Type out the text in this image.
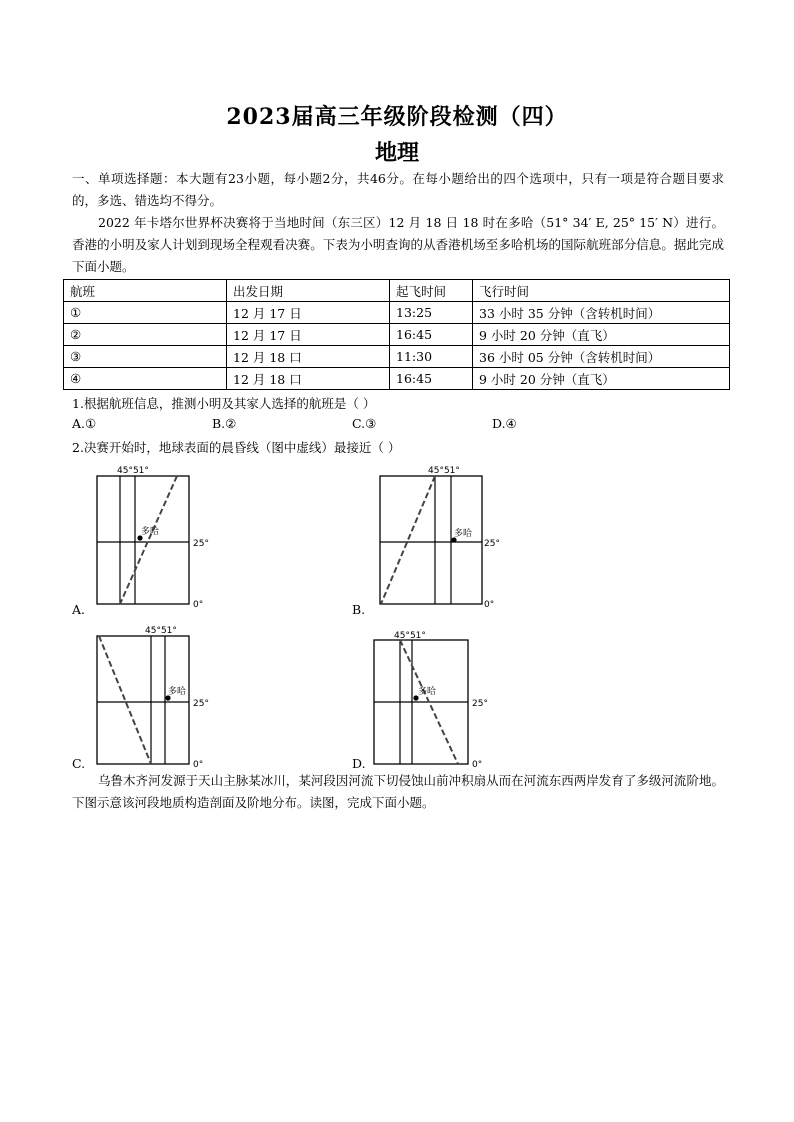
2023届高三年级阶段检测（四）
地理
一、单项选择题：本大题有23小题，每小题2分，共46分。在每小题给出的四个选项中，只有一项是符合题目要求的，多选、错选均不得分。
2022 年卡塔尔世界杯决赛将于当地时间（东三区）12 月 18 日 18 时在多哈（51° 34′ E, 25° 15′ N）进行。香港的小明及家人计划到现场全程观看决赛。下表为小明查询的从香港机场至多哈机场的国际航班部分信息。据此完成下面小题。
航班	出发日期	起飞时间	飞行时间
①	12 月 17 日	13:25	33 小时 35 分钟（含转机时间）
②	12 月 17 日	16:45	9 小时 20 分钟（直飞）
③	12 月 18 口	11:30	36 小时 05 分钟（含转机时间）
④	12 月 18 口	16:45	9 小时 20 分钟（直飞）
1.根据航班信息，推测小明及其家人选择的航班是（ ）
A.①	B.②	C.③	D.④
2.决赛开始时，地球表面的晨昏线（图中虚线）最接近（ ）
45°51°
多哈
25°
0°
A.
45°51°
多哈
25°
0°
B.
45°51°
多哈
25°
0°
C.
45°51°
多哈
25°
0°
D.
乌鲁木齐河发源于天山主脉某冰川，某河段因河流下切侵蚀山前冲积扇从而在河流东西两岸发育了多级河流阶地。下图示意该河段地质构造剖面及阶地分布。读图，完成下面小题。
